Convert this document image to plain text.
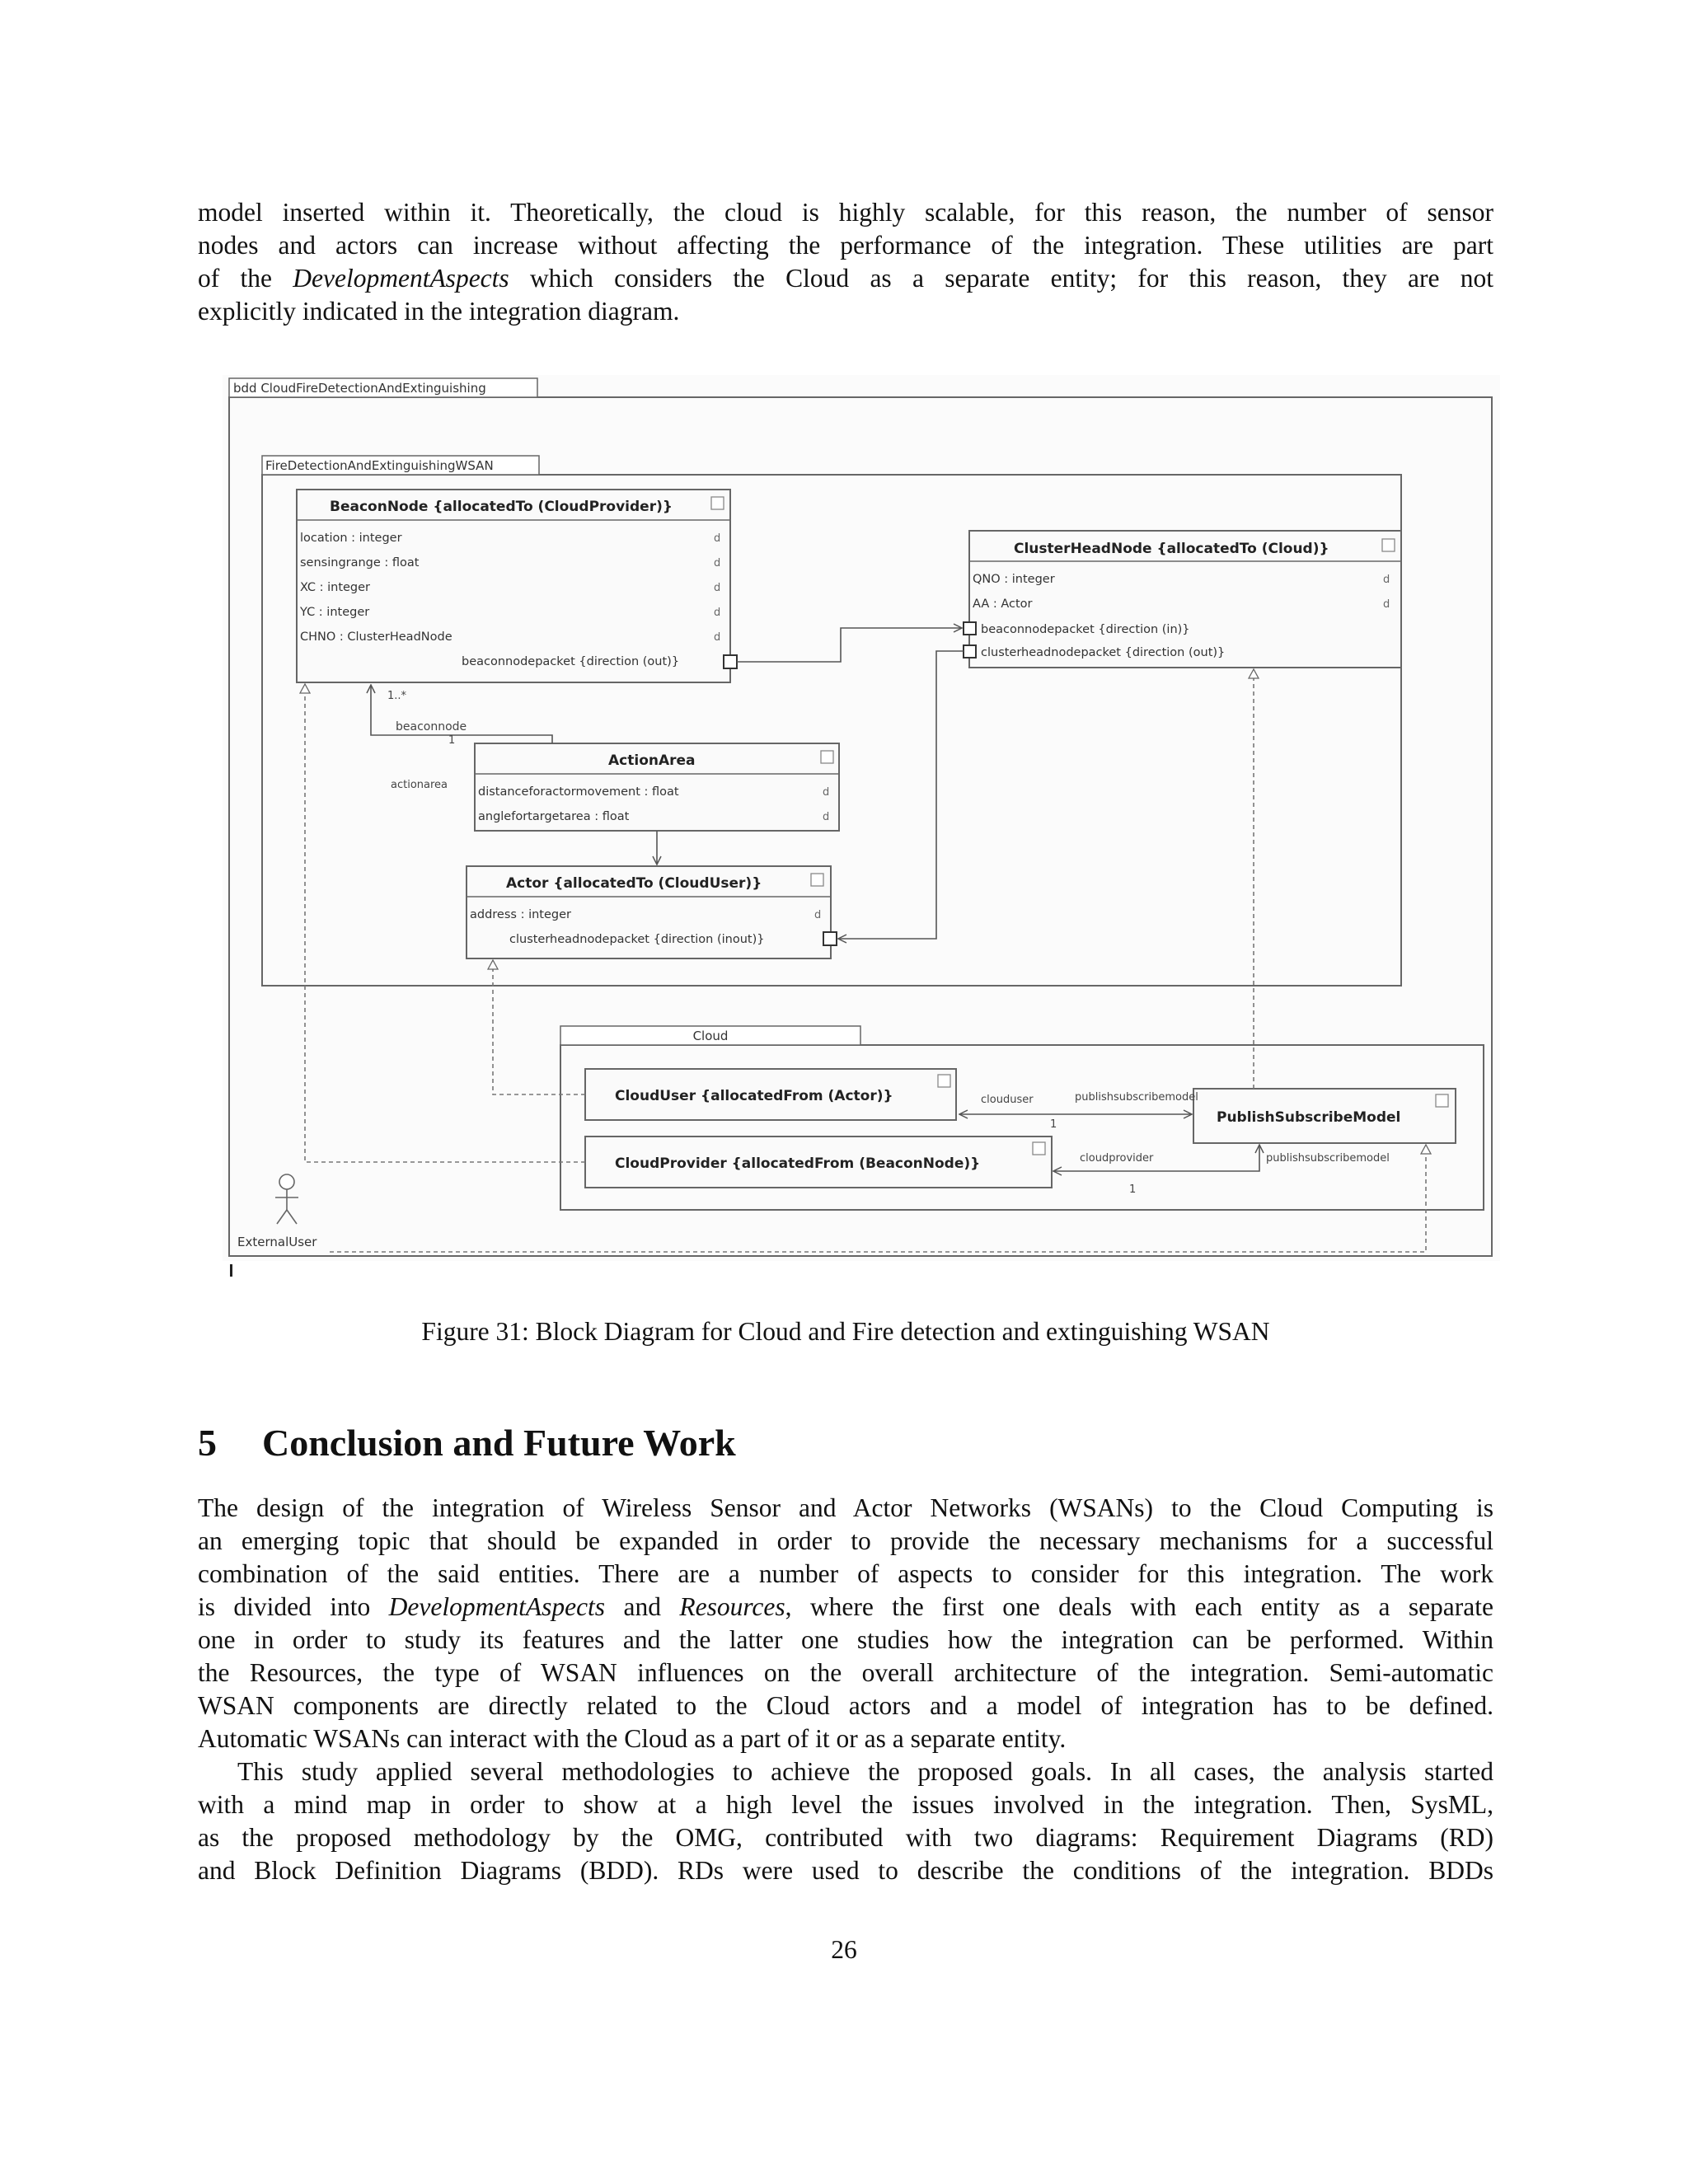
model inserted within it. Theoretically, the cloud is highly scalable, for this reason, the number of sensor
nodes and actors can increase without affecting the performance of the integration. These utilities are part
of the DevelopmentAspects which considers the Cloud as a separate entity; for this reason, they are not
explicitly indicated in the integration diagram.
bdd CloudFireDetectionAndExtinguishing
FireDetectionAndExtinguishingWSAN
BeaconNode {allocatedTo (CloudProvider)}
location : integer
sensingrange : float
XC : integer
YC : integer
CHNO : ClusterHeadNode
d
d
d
d
d
beaconnodepacket {direction (out)}
ClusterHeadNode {allocatedTo (Cloud)}
QNO : integer
AA : Actor
d
d
beaconnodepacket {direction (in)}
clusterheadnodepacket {direction (out)}
ActionArea
distanceforactormovement : float
anglefortargetarea : float
d
d
Actor {allocatedTo (CloudUser)}
address : integer	d
clusterheadnodepacket {direction (inout)}
1..*
beaconnode
1
actionarea
Cloud
CloudUser {allocatedFrom (Actor)}
CloudProvider {allocatedFrom (BeaconNode)}
PublishSubscribeModel
clouduser
1
publishsubscribemodel
cloudprovider
1
publishsubscribemodel
ExternalUser
Figure 31: Block Diagram for Cloud and Fire detection and extinguishing WSAN
5 Conclusion and Future Work
The design of the integration of Wireless Sensor and Actor Networks (WSANs) to the Cloud Computing is
an emerging topic that should be expanded in order to provide the necessary mechanisms for a successful
combination of the said entities. There are a number of aspects to consider for this integration. The work
is divided into DevelopmentAspects and Resources, where the first one deals with each entity as a separate
one in order to study its features and the latter one studies how the integration can be performed. Within
the Resources, the type of WSAN influences on the overall architecture of the integration. Semi-automatic
WSAN components are directly related to the Cloud actors and a model of integration has to be defined.
Automatic WSANs can interact with the Cloud as a part of it or as a separate entity.
This study applied several methodologies to achieve the proposed goals. In all cases, the analysis started
with a mind map in order to show at a high level the issues involved in the integration. Then, SysML,
as the proposed methodology by the OMG, contributed with two diagrams: Requirement Diagrams (RD)
and Block Definition Diagrams (BDD). RDs were used to describe the conditions of the integration. BDDs
26
